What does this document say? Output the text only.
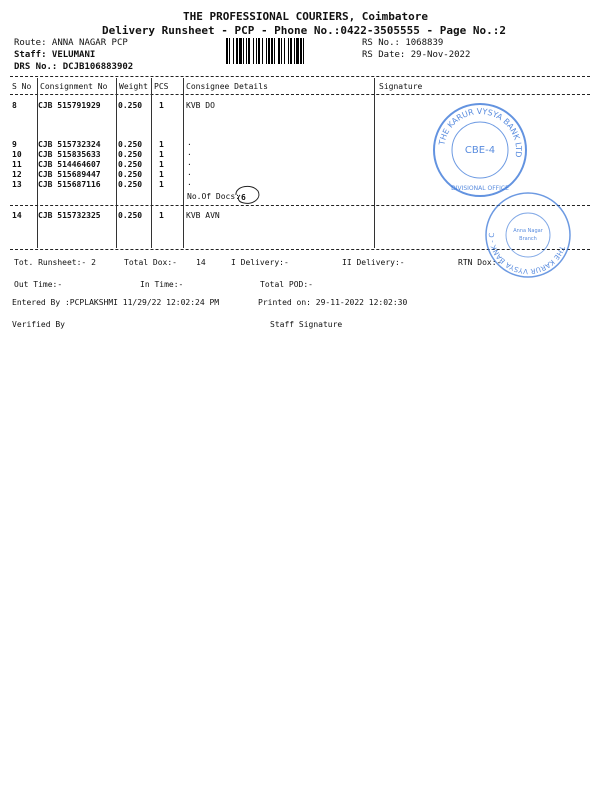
THE PROFESSIONAL COURIERS, Coimbatore
Delivery Runsheet - PCP - Phone No.:0422-3505555 - Page No.:2
Route: ANNA NAGAR PCP
Staff: VELUMANI
DRS No.: DCJB106883902
RS No.: 1068839
RS Date: 29-Nov-2022
S No Consignment No Weight PCS Consignee Details	Signature
8	CJB 515791929 0.250 1	KVB DO
9	CJB 515732324 0.250 1	.
10 CJB 515835633 0.250 1	.
11 CJB 514464607 0.250 1	.
12 CJB 515689447 0.250 1	.
13 CJB 515687116 0.250 1	.
No.Of Docs: 6
14 CJB 515732325 0.250 1	KVB AVN
Tot. Runsheet:- 2	Total Dox:- 14	I Delivery:-	II Delivery:-	RTN Dox:-
Out Time:-	In Time:-	Total POD:-
Entered By :PCPLAKSHMI 11/29/22 12:02:24 PM	Printed on: 29-11-2022 12:02:30
Verified By	Staff Signature
THE KARUR VYSYA BANK LTD
CBE-4
DIVISIONAL OFFICE
THE KARUR VYSYA BANK - C
Anna Nagar
Branch
